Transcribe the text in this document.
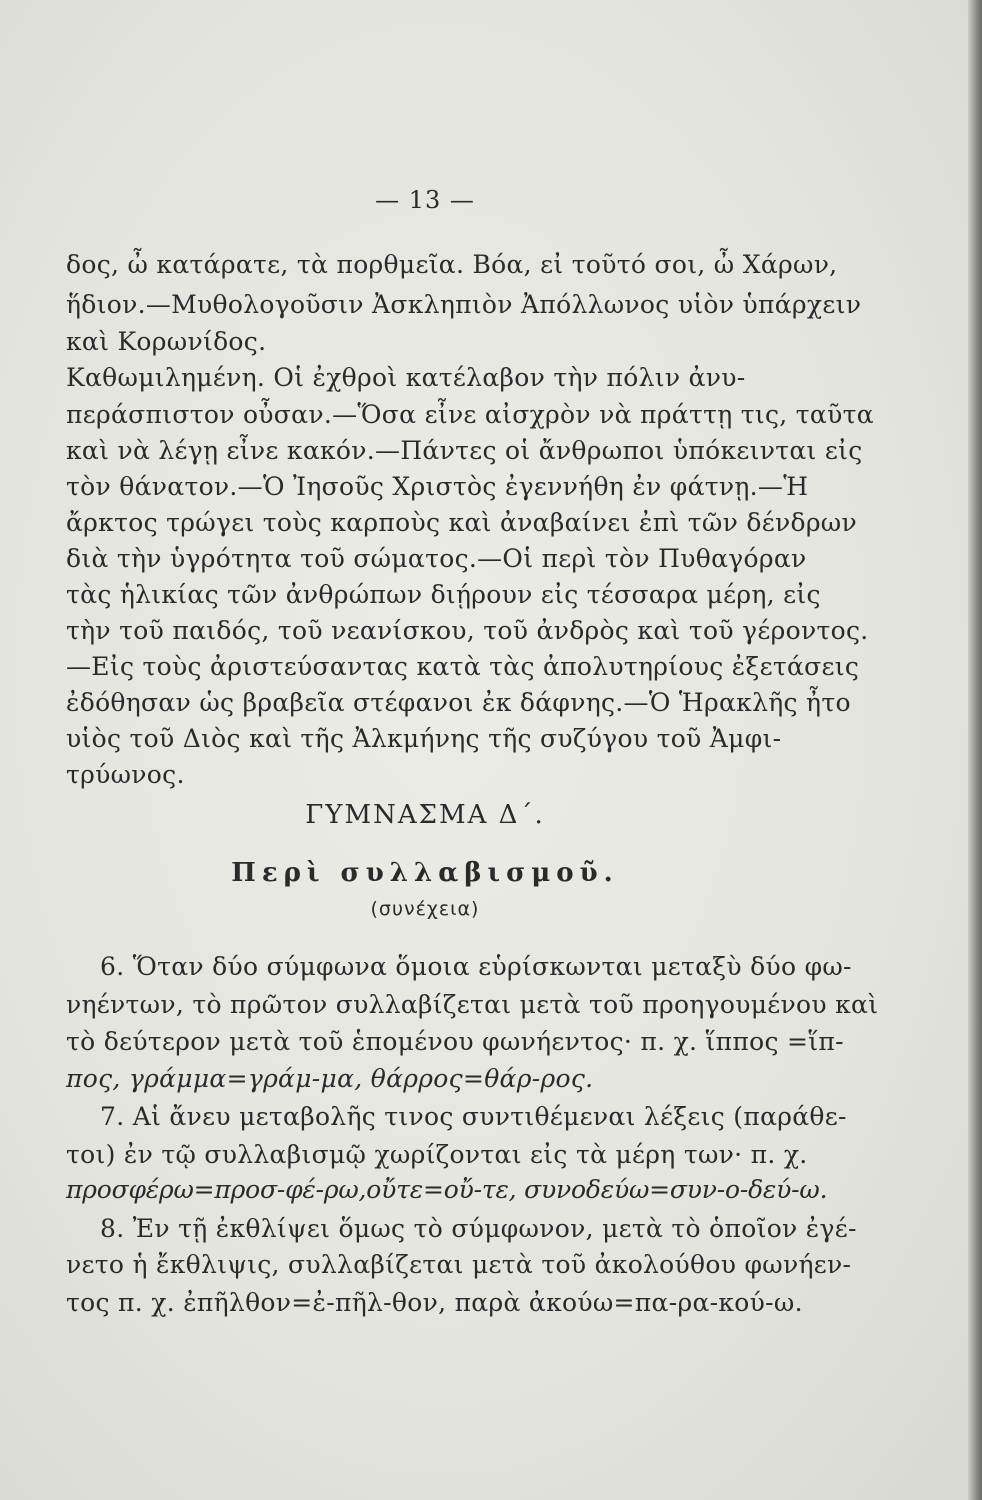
— 13 —
δος, ὦ κατάρατε, τὰ πορθμεῖα. Βόα, εἰ τοῦτό σοι, ὦ Χάρων,
ἥδιον.—Μυθολογοῦσιν Ἀσκληπιὸν Ἀπόλλωνος υἱὸν ὑπάρχειν
καὶ Κορωνίδος.
Καθωμιλημένη. Οἱ ἐχθροὶ κατέλαβον τὴν πόλιν ἀνυ-
περάσπιστον οὖσαν.—Ὅσα εἶνε αἰσχρὸν νὰ πράττῃ τις, ταῦτα
καὶ νὰ λέγῃ εἶνε κακόν.—Πάντες οἱ ἄνθρωποι ὑπόκεινται εἰς
τὸν θάνατον.—Ὁ Ἰησοῦς Χριστὸς ἐγεννήθη ἐν φάτνῃ.—Ἡ
ἄρκτος τρώγει τοὺς καρποὺς καὶ ἀναβαίνει ἐπὶ τῶν δένδρων
διὰ τὴν ὑγρότητα τοῦ σώματος.—Οἱ περὶ τὸν Πυθαγόραν
τὰς ἡλικίας τῶν ἀνθρώπων διῄρουν εἰς τέσσαρα μέρη, εἰς
τὴν τοῦ παιδός, τοῦ νεανίσκου, τοῦ ἀνδρὸς καὶ τοῦ γέροντος.
—Εἰς τοὺς ἀριστεύσαντας κατὰ τὰς ἀπολυτηρίους ἐξετάσεις
ἐδόθησαν ὡς βραβεῖα στέφανοι ἐκ δάφνης.—Ὁ Ἡρακλῆς ἦτο
υἱὸς τοῦ Διὸς καὶ τῆς Ἀλκμήνης τῆς συζύγου τοῦ Ἀμφι-
τρύωνος.
ΓΥΜΝΑΣΜΑ Δ΄.
Περὶ συλλαβισμοῦ.
(συνέχεια)
6. Ὅταν δύο σύμφωνα ὅμοια εὑρίσκωνται μεταξὺ δύο φω-
νηέντων, τὸ πρῶτον συλλαβίζεται μετὰ τοῦ προηγουμένου καὶ
τὸ δεύτερον μετὰ τοῦ ἑπομένου φωνήεντος· π. χ. ἵππος =ἵπ-
πος, γράμμα=γράμ-μα, θάρρος=θάρ-ρος.
7. Αἱ ἄνευ μεταβολῆς τινος συντιθέμεναι λέξεις (παράθε-
τοι) ἐν τῷ συλλαβισμῷ χωρίζονται εἰς τὰ μέρη των· π. χ.
προσφέρω=προσ-φέ-ρω,οὔτε=οὔ-τε, συνοδεύω=συν-ο-δεύ-ω.
8. Ἐν τῇ ἐκθλίψει ὅμως τὸ σύμφωνον, μετὰ τὸ ὁποῖον ἐγέ-
νετο ἡ ἔκθλιψις, συλλαβίζεται μετὰ τοῦ ἀκολούθου φωνήεν-
τος π. χ. ἐπῆλθον=ἐ-πῆλ-θον, παρὰ ἀκούω=πα-ρα-κού-ω.
